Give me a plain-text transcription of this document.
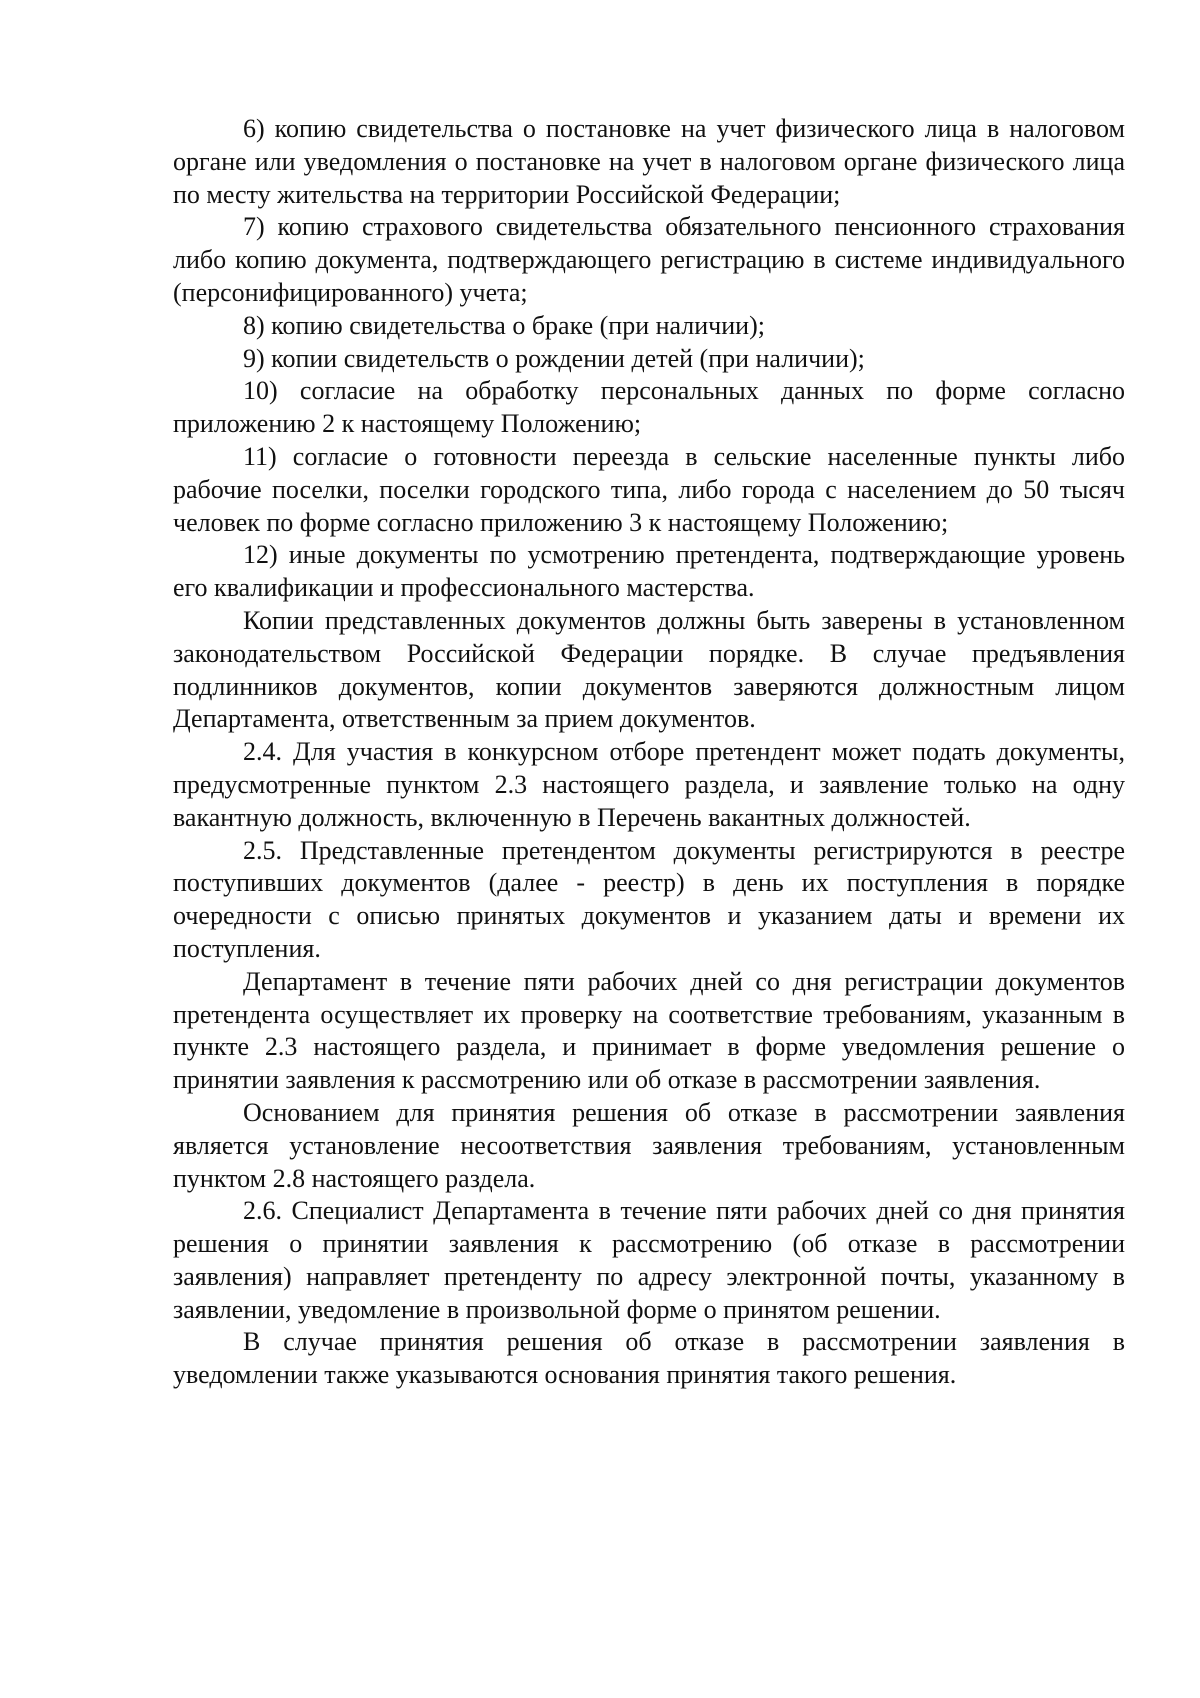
6) копию свидетельства о постановке на учет физического лица в налоговом органе или уведомления о постановке на учет в налоговом органе физического лица по месту жительства на территории Российской Федерации;

7) копию страхового свидетельства обязательного пенсионного страхования либо копию документа, подтверждающего регистрацию в системе индивидуального (персонифицированного) учета;

8) копию свидетельства о браке (при наличии);

9) копии свидетельств о рождении детей (при наличии);

10) согласие на обработку персональных данных по форме согласно приложению 2 к настоящему Положению;

11) согласие о готовности переезда в сельские населенные пункты либо рабочие поселки, поселки городского типа, либо города с населением до 50 тысяч человек по форме согласно приложению 3 к настоящему Положению;

12) иные документы по усмотрению претендента, подтверждающие уровень его квалификации и профессионального мастерства.

Копии представленных документов должны быть заверены в установленном законодательством Российской Федерации порядке. В случае предъявления подлинников документов, копии документов заверяются должностным лицом Департамента, ответственным за прием документов.

2.4. Для участия в конкурсном отборе претендент может подать документы, предусмотренные пунктом 2.3 настоящего раздела, и заявление только на одну вакантную должность, включенную в Перечень вакантных должностей.

2.5. Представленные претендентом документы регистрируются в реестре поступивших документов (далее - реестр) в день их поступления в порядке очередности с описью принятых документов и указанием даты и времени их поступления.

Департамент в течение пяти рабочих дней со дня регистрации документов претендента осуществляет их проверку на соответствие требованиям, указанным в пункте 2.3 настоящего раздела, и принимает в форме уведомления решение о принятии заявления к рассмотрению или об отказе в рассмотрении заявления.

Основанием для принятия решения об отказе в рассмотрении заявления является установление несоответствия заявления требованиям, установленным пунктом 2.8 настоящего раздела.

2.6. Специалист Департамента в течение пяти рабочих дней со дня принятия решения о принятии заявления к рассмотрению (об отказе в рассмотрении заявления) направляет претенденту по адресу электронной почты, указанному в заявлении, уведомление в произвольной форме о принятом решении.

В случае принятия решения об отказе в рассмотрении заявления в уведомлении также указываются основания принятия такого решения.
